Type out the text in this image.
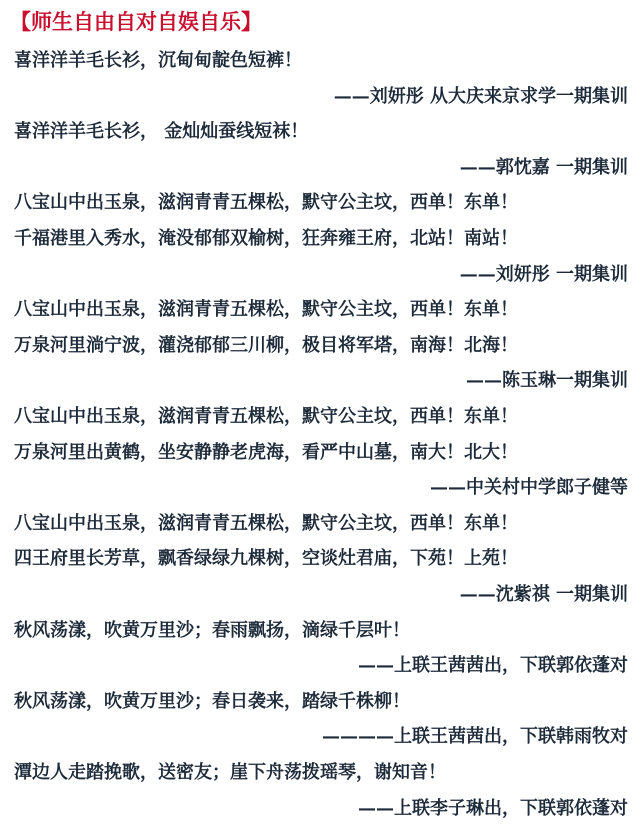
【师生自由自对自娱自乐】
喜洋洋羊毛长衫，沉甸甸靛色短裤！
——刘妍彤 从大庆来京求学一期集训
喜洋洋羊毛长衫， 金灿灿蚕线短袜！
——郭忱嘉 一期集训
八宝山中出玉泉，滋润青青五棵松，默守公主坟，西单！东单！
千福港里入秀水，淹没郁郁双榆树，狂奔雍王府，北站！南站！
——刘妍彤 一期集训
八宝山中出玉泉，滋润青青五棵松，默守公主坟，西单！东单！
万泉河里淌宁波，灌浇郁郁三川柳，极目将军塔，南海！北海！
——陈玉琳一期集训
八宝山中出玉泉，滋润青青五棵松，默守公主坟，西单！东单！
万泉河里出黄鹤，坐安静静老虎海，看严中山墓，南大！北大！
——中关村中学郎子健等
八宝山中出玉泉，滋润青青五棵松，默守公主坟，西单！东单！
四王府里长芳草，飘香绿绿九棵树，空谈灶君庙，下苑！上苑！
——沈紫祺 一期集训
秋风荡漾，吹黄万里沙；春雨飘扬，滴绿千层叶！
——上联王茜茜出，下联郭依蓬对
秋风荡漾，吹黄万里沙；春日袭来，踏绿千株柳！
————上联王茜茜出，下联韩雨牧对
潭边人走踏挽歌，送密友；崖下舟荡拨瑶琴，谢知音！
——上联李子琳出，下联郭依蓬对
